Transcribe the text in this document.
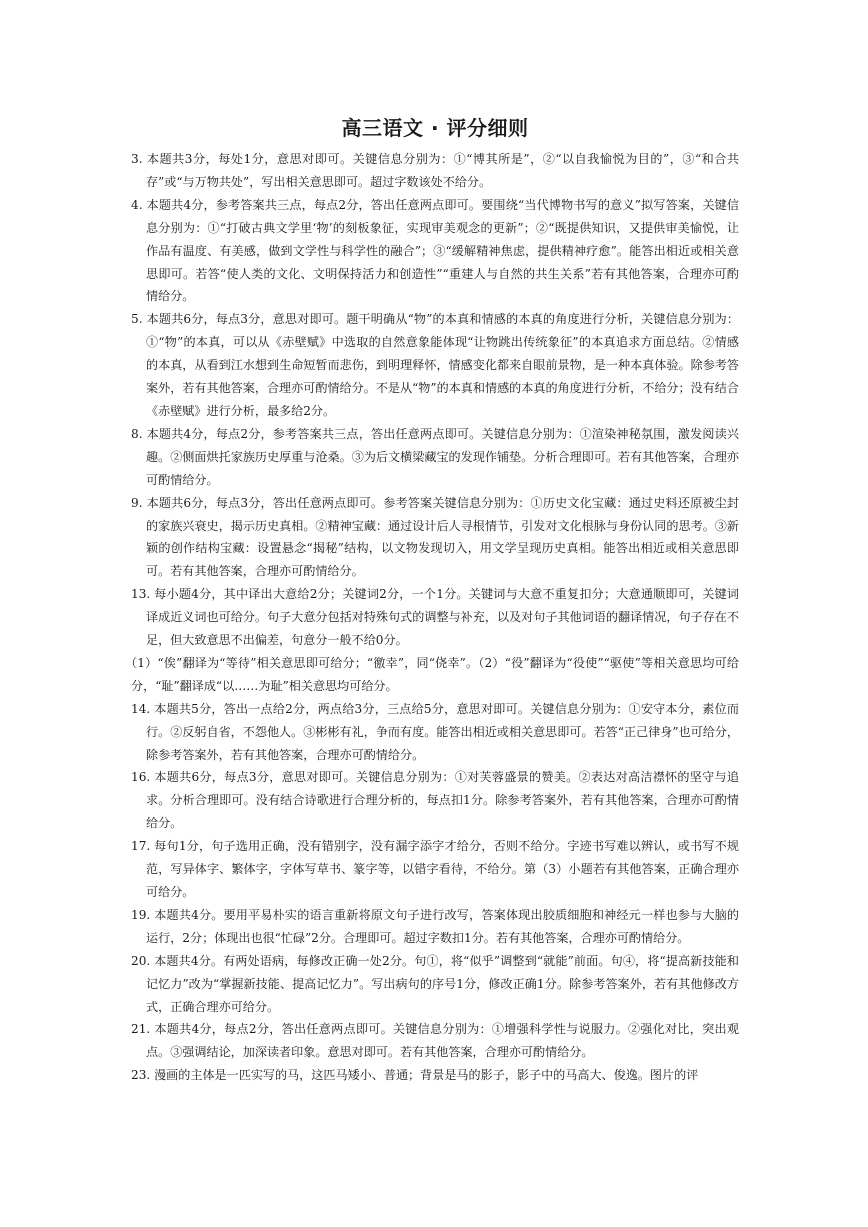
高三语文 · 评分细则

3. 本题共3分，每处1分，意思对即可。关键信息分别为：①“博其所是”，②“以自我愉悦为目的”，③“和合共存”或“与万物共处”，写出相关意思即可。超过字数该处不给分。

4. 本题共4分，参考答案共三点，每点2分，答出任意两点即可。要围绕“当代博物书写的意义”拟写答案，关键信息分别为：①“打破古典文学里‘物’的刻板象征，实现审美观念的更新”；②“既提供知识，又提供审美愉悦，让作品有温度、有美感，做到文学性与科学性的融合”；③“缓解精神焦虑，提供精神疗愈”。能答出相近或相关意思即可。若答“使人类的文化、文明保持活力和创造性”“重建人与自然的共生关系”若有其他答案，合理亦可酌情给分。

5. 本题共6分，每点3分，意思对即可。题干明确从“物”的本真和情感的本真的角度进行分析，关键信息分别为：①“物”的本真，可以从《赤壁赋》中选取的自然意象能体现“让物跳出传统象征”的本真追求方面总结。②情感的本真，从看到江水想到生命短暂而悲伤，到明理释怀，情感变化都来自眼前景物，是一种本真体验。除参考答案外，若有其他答案，合理亦可酌情给分。不是从“物”的本真和情感的本真的角度进行分析，不给分；没有结合《赤壁赋》进行分析，最多给2分。

8. 本题共4分，每点2分，参考答案共三点，答出任意两点即可。关键信息分别为：①渲染神秘氛围，激发阅读兴趣。②侧面烘托家族历史厚重与沧桑。③为后文横梁藏宝的发现作铺垫。分析合理即可。若有其他答案，合理亦可酌情给分。

9. 本题共6分，每点3分，答出任意两点即可。参考答案关键信息分别为：①历史文化宝藏：通过史料还原被尘封的家族兴衰史，揭示历史真相。②精神宝藏：通过设计后人寻根情节，引发对文化根脉与身份认同的思考。③新颖的创作结构宝藏：设置悬念“揭秘”结构，以文物发现切入，用文学呈现历史真相。能答出相近或相关意思即可。若有其他答案，合理亦可酌情给分。

13. 每小题4分，其中译出大意给2分；关键词2分，一个1分。关键词与大意不重复扣分；大意通顺即可，关键词译成近义词也可给分。句子大意分包括对特殊句式的调整与补充，以及对句子其他词语的翻译情况，句子存在不足，但大致意思不出偏差，句意分一般不给0分。

（1）“俟”翻译为“等待”相关意思即可给分；“徼幸”，同“侥幸”。（2）“役”翻译为“役使”“驱使”等相关意思均可给分，“耻”翻译成“以……为耻”相关意思均可给分。

14. 本题共5分，答出一点给2分，两点给3分，三点给5分，意思对即可。关键信息分别为：①安守本分，素位而行。②反躬自省，不怨他人。③彬彬有礼，争而有度。能答出相近或相关意思即可。若答“正己律身”也可给分，除参考答案外，若有其他答案，合理亦可酌情给分。

16. 本题共6分，每点3分，意思对即可。关键信息分别为：①对芙蓉盛景的赞美。②表达对高洁襟怀的坚守与追求。分析合理即可。没有结合诗歌进行合理分析的，每点扣1分。除参考答案外，若有其他答案，合理亦可酌情给分。

17. 每句1分，句子选用正确，没有错别字，没有漏字添字才给分，否则不给分。字迹书写难以辨认，或书写不规范，写异体字、繁体字，字体写草书、篆字等，以错字看待，不给分。第（3）小题若有其他答案，正确合理亦可给分。

19. 本题共4分。要用平易朴实的语言重新将原文句子进行改写，答案体现出胶质细胞和神经元一样也参与大脑的运行，2分；体现出也很“忙碌”2分。合理即可。超过字数扣1分。若有其他答案，合理亦可酌情给分。

20. 本题共4分。有两处语病，每修改正确一处2分。句①，将“似乎”调整到“就能”前面。句④，将“提高新技能和记忆力”改为“掌握新技能、提高记忆力”。写出病句的序号1分，修改正确1分。除参考答案外，若有其他修改方式，正确合理亦可给分。

21. 本题共4分，每点2分，答出任意两点即可。关键信息分别为：①增强科学性与说服力。②强化对比，突出观点。③强调结论，加深读者印象。意思对即可。若有其他答案，合理亦可酌情给分。

23. 漫画的主体是一匹实写的马，这匹马矮小、普通；背景是马的影子，影子中的马高大、俊逸。图片的评
